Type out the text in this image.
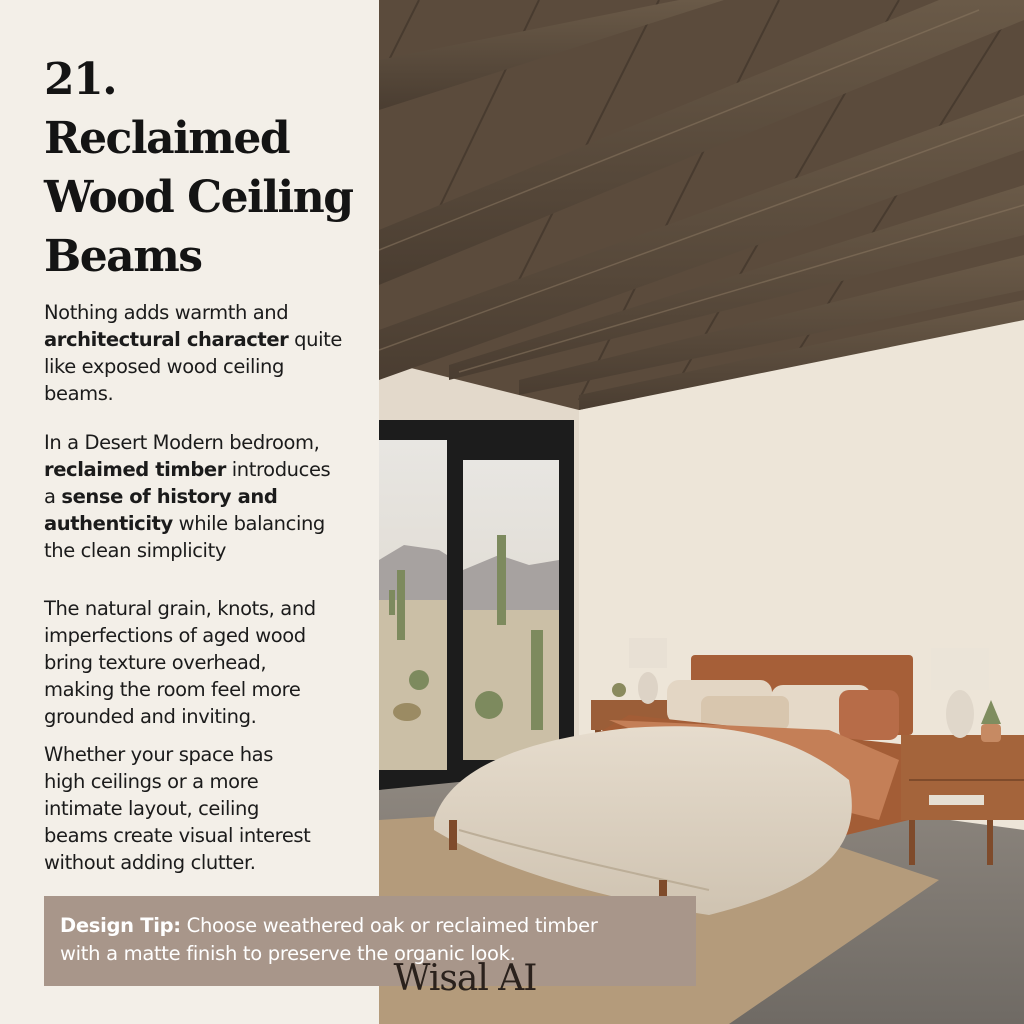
21.
Reclaimed
Wood Ceiling
Beams
Nothing adds warmth and
architectural character quite
like exposed wood ceiling
beams.
In a Desert Modern bedroom,
reclaimed timber introduces
a sense of history and
authenticity while balancing
the clean simplicity
The natural grain, knots, and
imperfections of aged wood
bring texture overhead,
making the room feel more
grounded and inviting.
Whether your space has
high ceilings or a more
intimate layout, ceiling
beams create visual interest
without adding clutter.
Design Tip: Choose weathered oak or reclaimed timber
with a matte finish to preserve the organic look.
Wisal AI
